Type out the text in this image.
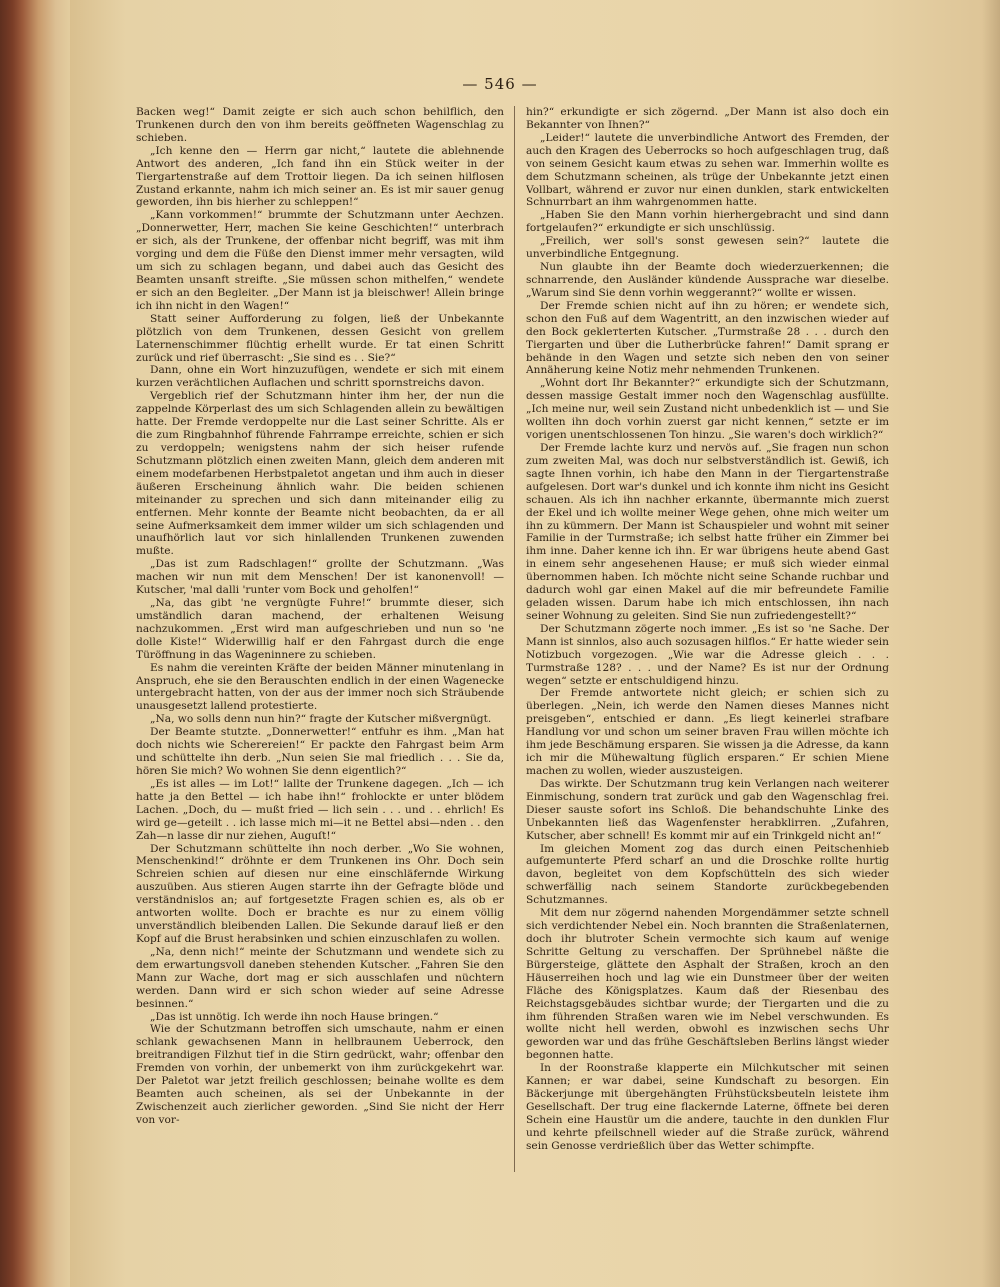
— 546 —

Backen weg!“ Damit zeigte er sich auch schon behilflich, den Trunkenen durch den von ihm bereits geöffneten Wagenschlag zu schieben.

„Ich kenne den — Herrn gar nicht,“ lautete die ablehnende Antwort des anderen, „Ich fand ihn ein Stück weiter in der Tiergartenstraße auf dem Trottoir liegen. Da ich seinen hilflosen Zustand erkannte, nahm ich mich seiner an. Es ist mir sauer genug geworden, ihn bis hierher zu schleppen!“

„Kann vorkommen!“ brummte der Schutzmann unter Aechzen. „Donnerwetter, Herr, machen Sie keine Geschichten!“ unterbrach er sich, als der Trunkene, der offenbar nicht begriff, was mit ihm vorging und dem die Füße den Dienst immer mehr versagten, wild um sich zu schlagen begann, und dabei auch das Gesicht des Beamten unsanft streifte. „Sie müssen schon mithelfen,“ wendete er sich an den Begleiter. „Der Mann ist ja bleischwer! Allein bringe ich ihn nicht in den Wagen!“

Statt seiner Aufforderung zu folgen, ließ der Unbekannte plötzlich von dem Trunkenen, dessen Gesicht von grellem Laternenschimmer flüchtig erhellt wurde. Er tat einen Schritt zurück und rief überrascht: „Sie sind es . . Sie?“

Dann, ohne ein Wort hinzuzufügen, wendete er sich mit einem kurzen verächtlichen Auflachen und schritt spornstreichs davon.

Vergeblich rief der Schutzmann hinter ihm her, der nun die zappelnde Körperlast des um sich Schlagenden allein zu bewältigen hatte. Der Fremde verdoppelte nur die Last seiner Schritte. Als er die zum Ringbahnhof führende Fahrrampe erreichte, schien er sich zu verdoppeln; wenigstens nahm der sich heiser rufende Schutzmann plötzlich einen zweiten Mann, gleich dem anderen mit einem modefarbenen Herbstpaletot angetan und ihm auch in dieser äußeren Erscheinung ähnlich wahr. Die beiden schienen miteinander zu sprechen und sich dann miteinander eilig zu entfernen. Mehr konnte der Beamte nicht beobachten, da er all seine Aufmerksamkeit dem immer wilder um sich schlagenden und unaufhörlich laut vor sich hinlallenden Trunkenen zuwenden mußte.

„Das ist zum Radschlagen!“ grollte der Schutzmann. „Was machen wir nun mit dem Menschen! Der ist kanonenvoll! — Kutscher, 'mal dalli 'runter vom Bock und geholfen!“

„Na, das gibt 'ne vergnügte Fuhre!“ brummte dieser, sich umständlich daran machend, der erhaltenen Weisung nachzukommen. „Erst wird man aufgeschrieben und nun so 'ne dolle Kiste!“ Widerwillig half er den Fahrgast durch die enge Türöffnung in das Wageninnere zu schieben.

Es nahm die vereinten Kräfte der beiden Männer minutenlang in Anspruch, ehe sie den Berauschten endlich in der einen Wagenecke untergebracht hatten, von der aus der immer noch sich Sträubende unausgesetzt lallend protestierte.

„Na, wo solls denn nun hin?“ fragte der Kutscher mißvergnügt.

Der Beamte stutzte. „Donnerwetter!“ entfuhr es ihm. „Man hat doch nichts wie Scherereien!“ Er packte den Fahrgast beim Arm und schüttelte ihn derb. „Nun seien Sie mal friedlich . . . Sie da, hören Sie mich? Wo wohnen Sie denn eigentlich?“

„Es ist alles — im Lot!“ lallte der Trunkene dagegen. „Ich — ich hatte ja den Bettel — ich habe ihn!“ frohlockte er unter blödem Lachen. „Doch, du — mußt fried — lich sein . . . und . . ehrlich! Es wird ge—geteilt . . ich lasse mich mi—it ne Bettel absi—nden . . den Zah—n lasse dir nur ziehen, Auguſt!“

Der Schutzmann schüttelte ihn noch derber. „Wo Sie wohnen, Menschenkind!“ dröhnte er dem Trunkenen ins Ohr. Doch sein Schreien schien auf diesen nur eine einschläfernde Wirkung auszuüben. Aus stieren Augen starrte ihn der Gefragte blöde und verständnislos an; auf fortgesetzte Fragen schien es, als ob er antworten wollte. Doch er brachte es nur zu einem völlig unverständlich bleibenden Lallen. Die Sekunde darauf ließ er den Kopf auf die Brust herabsinken und schien einzuschlafen zu wollen.

„Na, denn nich!“ meinte der Schutzmann und wendete sich zu dem erwartungsvoll daneben stehenden Kutscher. „Fahren Sie den Mann zur Wache, dort mag er sich ausschlafen und nüchtern werden. Dann wird er sich schon wieder auf seine Adresse besinnen.“

„Das ist unnötig. Ich werde ihn noch Hause bringen.“

Wie der Schutzmann betroffen sich umschaute, nahm er einen schlank gewachsenen Mann in hellbraunem Ueberrock, den breitrandigen Filzhut tief in die Stirn gedrückt, wahr; offenbar den Fremden von vorhin, der unbemerkt von ihm zurückgekehrt war. Der Paletot war jetzt freilich geschlossen; beinahe wollte es dem Beamten auch scheinen, als sei der Unbekannte in der Zwischenzeit auch zierlicher geworden. „Sind Sie nicht der Herr von vor-

hin?“ erkundigte er sich zögernd. „Der Mann ist also doch ein Bekannter von Ihnen?“

„Leider!“ lautete die unverbindliche Antwort des Fremden, der auch den Kragen des Ueberrocks so hoch aufgeschlagen trug, daß von seinem Gesicht kaum etwas zu sehen war. Immerhin wollte es dem Schutzmann scheinen, als trüge der Unbekannte jetzt einen Vollbart, während er zuvor nur einen dunklen, stark entwickelten Schnurrbart an ihm wahrgenommen hatte.

„Haben Sie den Mann vorhin hierhergebracht und sind dann fortgelaufen?“ erkundigte er sich unschlüssig.

„Freilich, wer soll's sonst gewesen sein?“ lautete die unverbindliche Entgegnung.

Nun glaubte ihn der Beamte doch wiederzuerkennen; die schnarrende, den Ausländer kündende Aussprache war dieselbe. „Warum sind Sie denn vorhin weggerannt?“ wollte er wissen.

Der Fremde schien nicht auf ihn zu hören; er wendete sich, schon den Fuß auf dem Wagentritt, an den inzwischen wieder auf den Bock geklетterten Kutscher. „Turmstraße 28 . . . durch den Tiergarten und über die Lutherbrücke fahren!“ Damit sprang er behände in den Wagen und setzte sich neben den von seiner Annäherung keine Notiz mehr nehmenden Trunkenen.

„Wohnt dort Ihr Bekannter?“ erkundigte sich der Schutzmann, dessen massige Gestalt immer noch den Wagenschlag ausfüllte. „Ich meine nur, weil sein Zustand nicht unbedenklich ist — und Sie wollten ihn doch vorhin zuerst gar nicht kennen,“ setzte er im vorigen unentschlossenen Ton hinzu. „Sie waren's doch wirklich?“

Der Fremde lachte kurz und nervös auf. „Sie fragen nun schon zum zweiten Mal, was doch nur selbstverständlich ist. Gewiß, ich sagte Ihnen vorhin, ich habe den Mann in der Tiergartenstraße aufgelesen. Dort war's dunkel und ich konnte ihm nicht ins Gesicht schauen. Als ich ihn nachher erkannte, übermannte mich zuerst der Ekel und ich wollte meiner Wege gehen, ohne mich weiter um ihn zu kümmern. Der Mann ist Schauspieler und wohnt mit seiner Familie in der Turmstraße; ich selbst hatte früher ein Zimmer bei ihm inne. Daher kenne ich ihn. Er war übrigens heute abend Gast in einem sehr angesehenen Hause; er muß sich wieder einmal übernommen haben. Ich möchte nicht seine Schande ruchbar und dadurch wohl gar einen Makel auf die mir befreundete Familie geladen wissen. Darum habe ich mich entschlossen, ihn nach seiner Wohnung zu geleiten. Sind Sie nun zufriedengestellt?“

Der Schutzmann zögerte noch immer. „Es ist so 'ne Sache. Der Mann ist sinnlos, also auch sozusagen hilflos.“ Er hatte wieder sein Notizbuch vorgezogen. „Wie war die Adresse gleich . . . Turmstraße 128? . . . und der Name? Es ist nur der Ordnung wegen“ setzte er entschuldigend hinzu.

Der Fremde antwortete nicht gleich; er schien sich zu überlegen. „Nein, ich werde den Namen dieses Mannes nicht preisgeben“, entschied er dann. „Es liegt keinerlei strafbare Handlung vor und schon um seiner braven Frau willen möchte ich ihm jede Beschämung ersparen. Sie wissen ja die Adresse, da kann ich mir die Mühewaltung füglich ersparen.“ Er schien Miene machen zu wollen, wieder auszusteigen.

Das wirkte. Der Schutzmann trug kein Verlangen nach weiterer Einmischung, sondern trat zurück und gab den Wagenschlag frei. Dieser sauste sofort ins Schloß. Die behandschuhte Linke des Unbekannten ließ das Wagenfenster herabklirren. „Zufahren, Kutscher, aber schnell! Es kommt mir auf ein Trinkgeld nicht an!“

Im gleichen Moment zog das durch einen Peitschenhieb aufgemunterte Pferd scharf an und die Droschke rollte hurtig davon, begleitet von dem Kopfschütteln des sich wieder schwerfällig nach seinem Standorte zurückbegebenden Schutzmannes.

Mit dem nur zögernd nahenden Morgendämmer setzte schnell sich verdichtender Nebel ein. Noch brannten die Straßenlaternen, doch ihr blutroter Schein vermochte sich kaum auf wenige Schritte Geltung zu verschaffen. Der Sprühnebel näßte die Bürgersteige, glättete den Asphalt der Straßen, kroch an den Häuserreihen hoch und lag wie ein Dunstmeer über der weiten Fläche des Königsplatzes. Kaum daß der Riesenbau des Reichstagsgebäudes sichtbar wurde; der Tiergarten und die zu ihm führenden Straßen waren wie im Nebel verschwunden. Es wollte nicht hell werden, obwohl es inzwischen sechs Uhr geworden war und das frühe Geschäftsleben Berlins längst wieder begonnen hatte.

In der Roonstraße klapperte ein Milchkutscher mit seinen Kannen; er war dabei, seine Kundschaft zu besorgen. Ein Bäckerjunge mit übergehängten Frühstücksbeuteln leistete ihm Gesellschaft. Der trug eine flackernde Laterne, öffnete bei deren Schein eine Haustür um die andere, tauchte in den dunklen Flur und kehrte pfeilschnell wieder auf die Straße zurück, während sein Genosse verdrießlich über das Wetter schimpfte.
